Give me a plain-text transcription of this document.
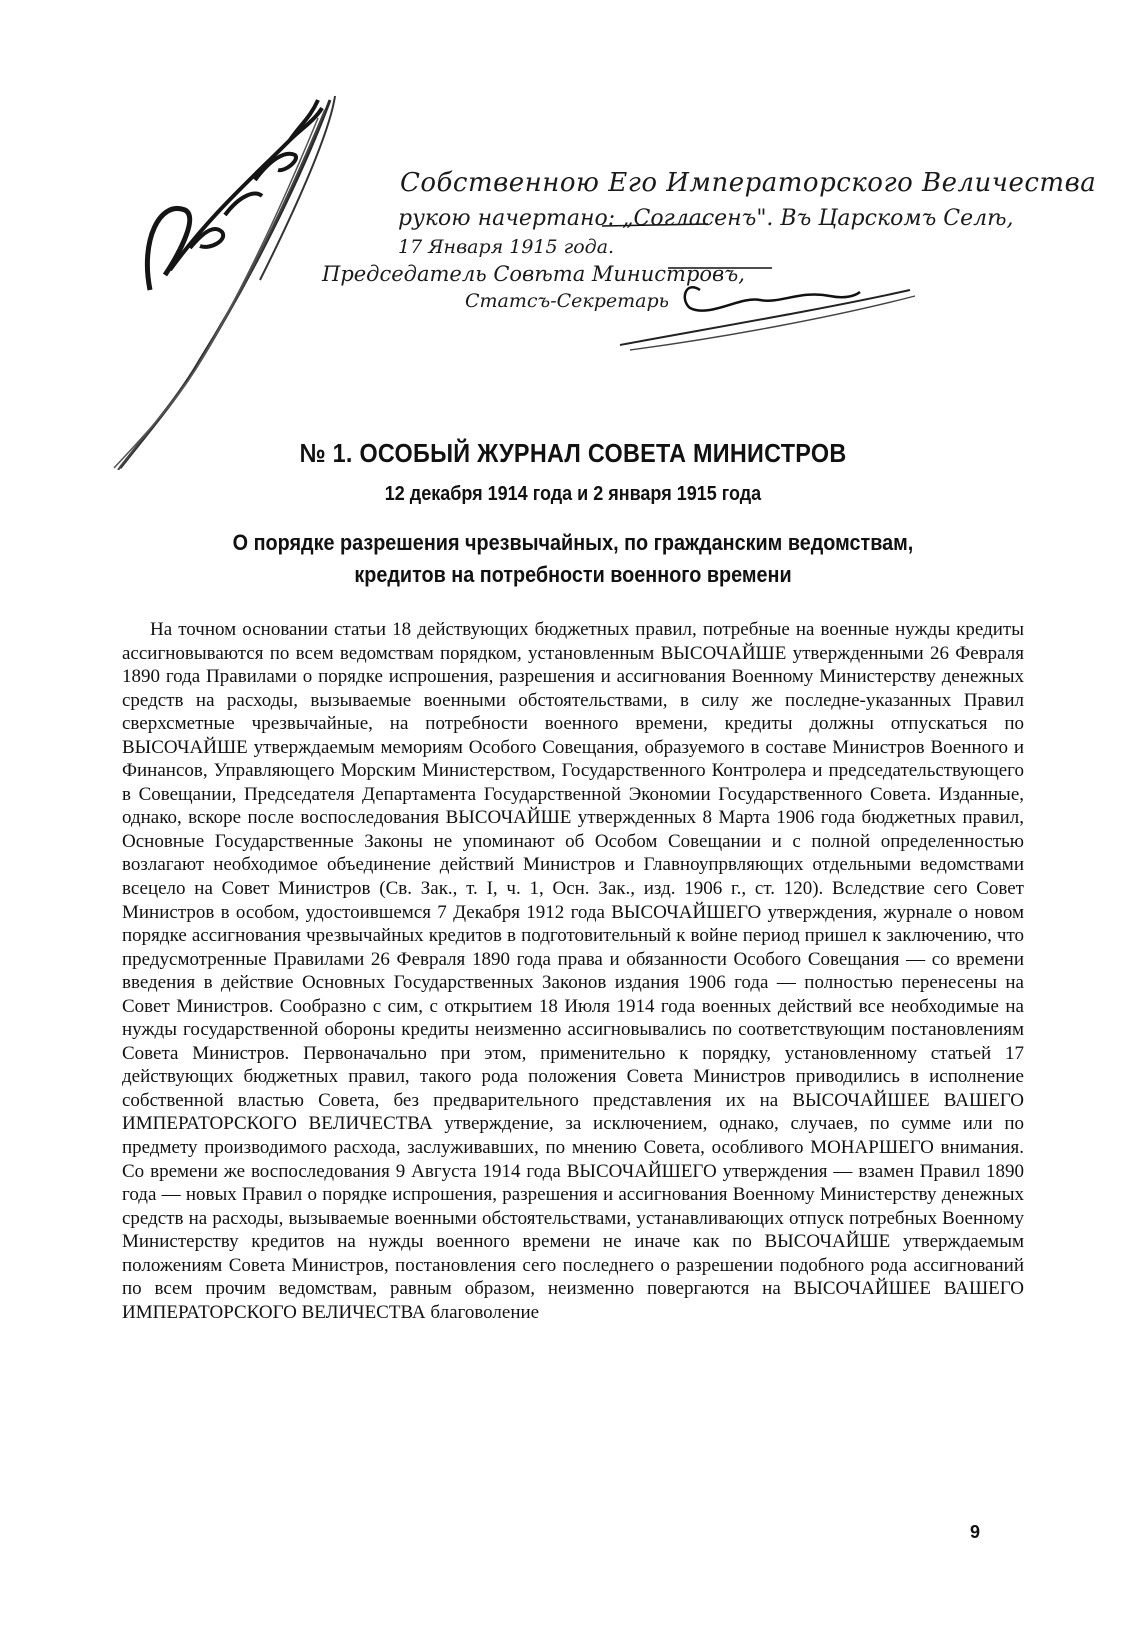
Собственною Его Императорского Величества
рукою начертано: „Согласенъ". Въ Царскомъ Селѣ,
17 Января 1915 года.
Председатель Совѣта Министровъ,
Статсъ-Секретарь
№ 1. ОСОБЫЙ ЖУРНАЛ СОВЕТА МИНИСТРОВ
12 декабря 1914 года и 2 января 1915 года
О порядке разрешения чрезвычайных, по гражданским ведомствам,
кредитов на потребности военного времени
На точном основании статьи 18 действующих бюджетных правил, потребные на военные нужды кредиты ассигновываются по всем ведомствам порядком, установленным ВЫСОЧАЙШЕ утвержденными 26 Февраля 1890 года Правилами о порядке испрошения, разрешения и ассигнования Военному Министерству денежных средств на расходы, вызываемые военными обстоятельствами, в силу же последне-указанных Правил сверхсметные чрезвычайные, на потребности военного времени, кредиты должны отпускаться по ВЫСОЧАЙШЕ утверждаемым мемориям Особого Совещания, образуемого в составе Министров Военного и Финансов, Управляющего Морским Министерством, Государственного Контролера и председательствующего в Совещании, Председателя Департамента Государственной Экономии Государственного Совета. Изданные, однако, вскоре после воспоследования ВЫСОЧАЙШЕ утвержденных 8 Марта 1906 года бюджетных правил, Основные Государственные Законы не упоминают об Особом Совещании и с полной определенностью возлагают необходимое объединение действий Министров и Главноупрвляющих отдельными ведомствами всецело на Совет Министров (Св. Зак., т. I, ч. 1, Осн. Зак., изд. 1906 г., ст. 120). Вследствие сего Совет Министров в особом, удостоившемся 7 Декабря 1912 года ВЫСОЧАЙШЕГО утверждения, журнале о новом порядке ассигнования чрезвычайных кредитов в подготовительный к войне период пришел к заключению, что предусмотренные Правилами 26 Февраля 1890 года права и обязанности Особого Совещания — со времени введения в действие Основных Государственных Законов издания 1906 года — полностью перенесены на Совет Министров. Сообразно с сим, с открытием 18 Июля 1914 года военных действий все необходимые на нужды государственной обороны кредиты неизменно ассигновывались по соответствующим постановлениям Совета Министров. Первоначально при этом, применительно к порядку, установленному статьей 17 действующих бюджетных правил, такого рода положения Совета Министров приводились в исполнение собственной властью Совета, без предварительного представления их на ВЫСОЧАЙШЕЕ ВАШЕГО ИМПЕРАТОРСКОГО ВЕЛИЧЕСТВА утверждение, за исключением, однако, случаев, по сумме или по предмету производимого расхода, заслуживавших, по мнению Совета, особливого МОНАРШЕГО внимания. Со времени же воспоследования 9 Августа 1914 года ВЫСОЧАЙШЕГО утверждения — взамен Правил 1890 года — новых Правил о порядке испрошения, разрешения и ассигнования Военному Министерству денежных средств на расходы, вызываемые военными обстоятельствами, устанавливающих отпуск потребных Военному Министерству кредитов на нужды военного времени не иначе как по ВЫСОЧАЙШЕ утверждаемым положениям Совета Министров, постановления сего последнего о разрешении подобного рода ассигнований по всем прочим ведомствам, равным образом, неизменно повергаются на ВЫСОЧАЙШЕЕ ВАШЕГО ИМПЕРАТОРСКОГО ВЕЛИЧЕСТВА благоволение
9
